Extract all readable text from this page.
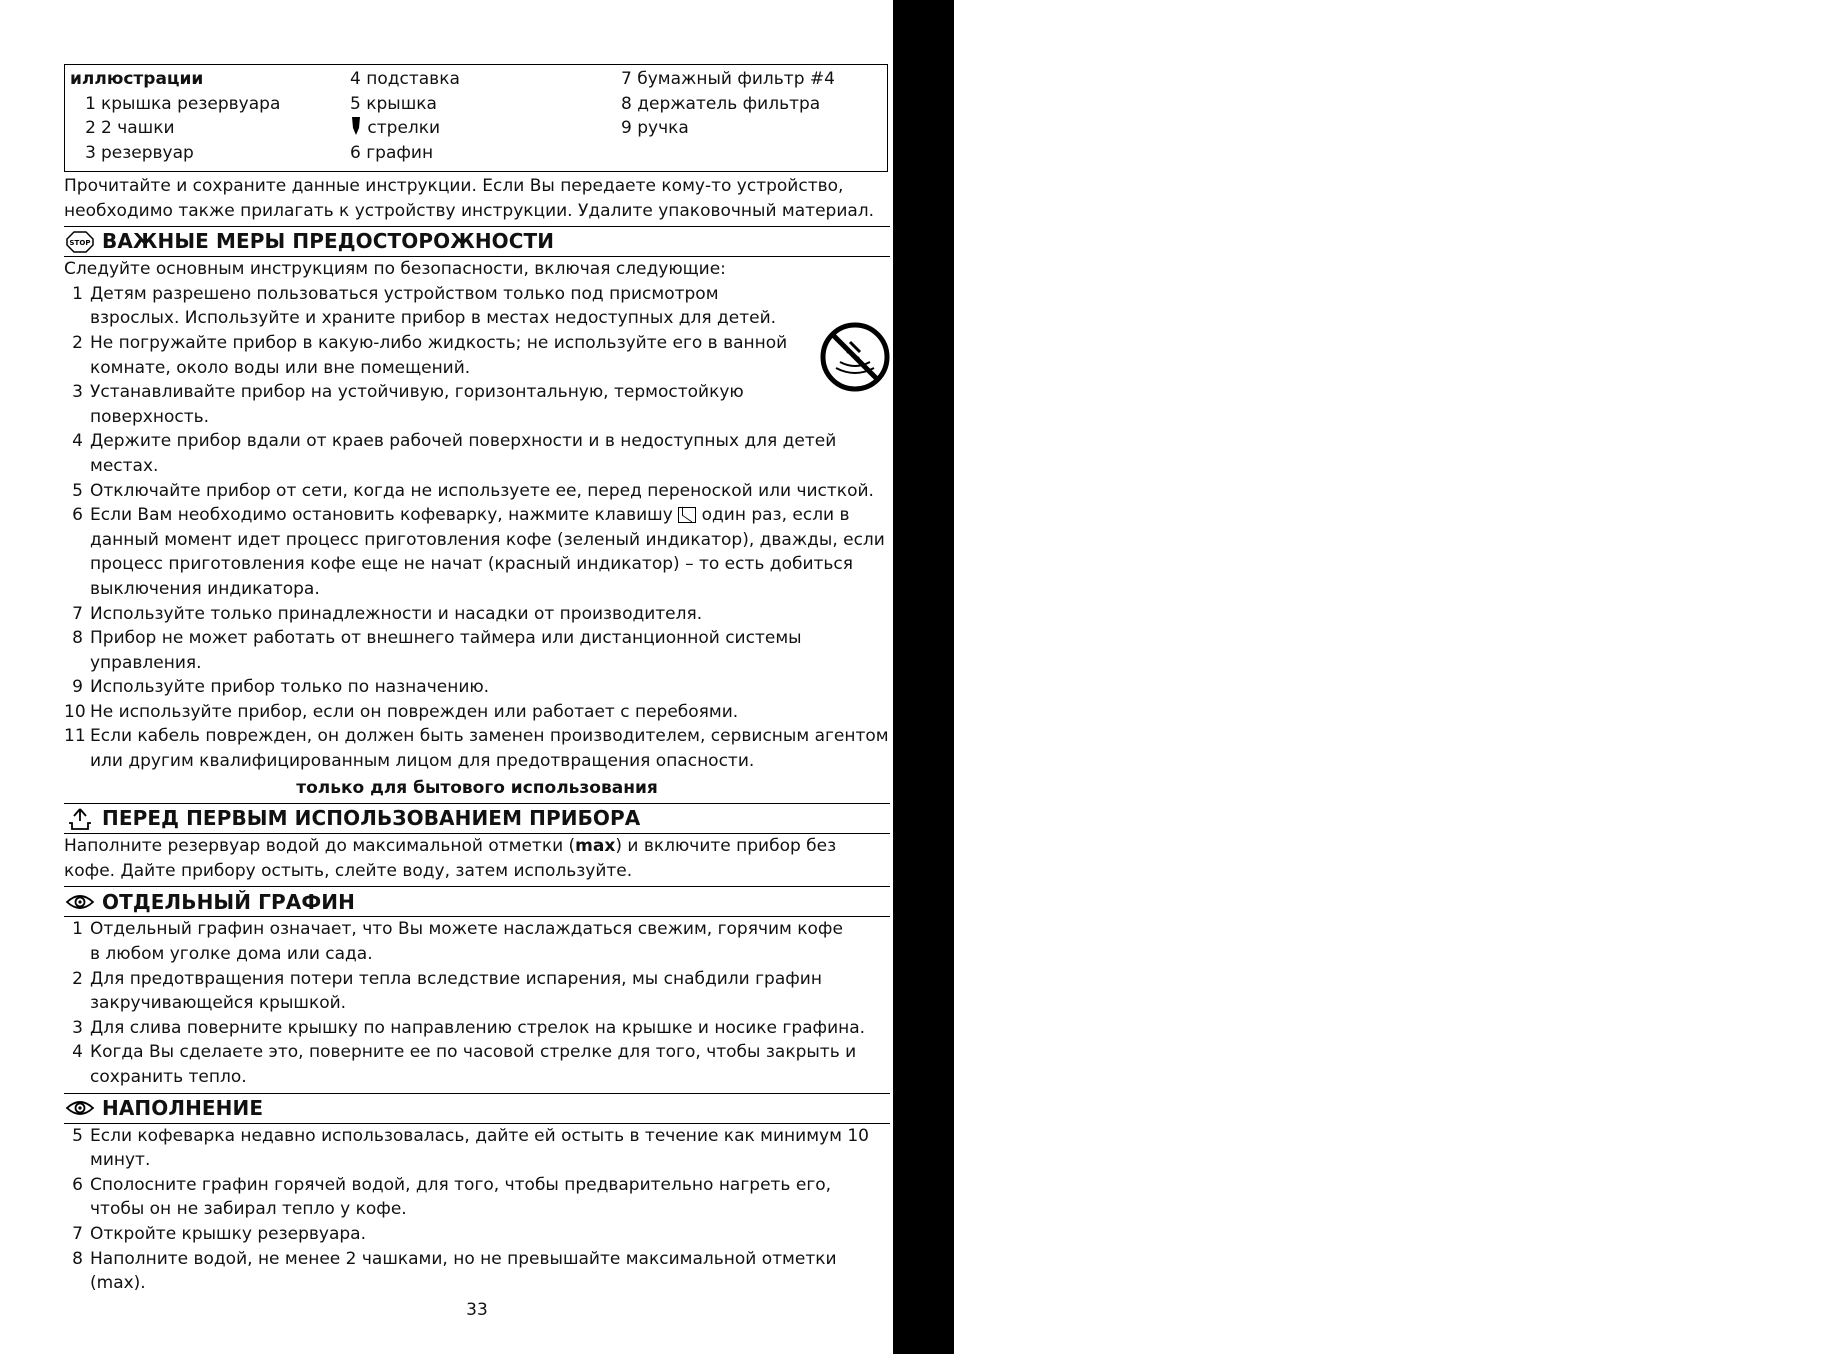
инструкции (Русский)
иллюстрации
1 крышка резервуара
2 2 чашки
3 резервуар
4 подставка
5 крышка
стрелки
6 графин
7 бумажный фильтр #4
8 держатель фильтра
9 ручка

Прочитайте и сохраните данные инструкции. Если Вы передаете кому-то устройство, необходимо также прилагать к устройству инструкции. Удалите упаковочный материал.

STOP ВАЖНЫЕ МЕРЫ ПРЕДОСТОРОЖНОСТИ

Следуйте основным инструкциям по безопасности, включая следующие:

1 Детям разрешено пользоваться устройством только под присмотром взрослых. Используйте и храните прибор в местах недоступных для детей.
2 Не погружайте прибор в какую-либо жидкость; не используйте его в ванной комнате, около воды или вне помещений.
3 Устанавливайте прибор на устойчивую, горизонтальную, термостойкую поверхность.
4 Держите прибор вдали от краев рабочей поверхности и в недоступных для детей местах.
5 Отключайте прибор от сети, когда не используете ее, перед переноской или чисткой.
6 Если Вам необходимо остановить кофеварку, нажмите клавишу один раз, если в данный момент идет процесс приготовления кофе (зеленый индикатор), дважды, если процесс приготовления кофе еще не начат (красный индикатор) – то есть добиться выключения индикатора.
7 Используйте только принадлежности и насадки от производителя.
8 Прибор не может работать от внешнего таймера или дистанционной системы управления.
9 Используйте прибор только по назначению.
10 Не используйте прибор, если он поврежден или работает с перебоями.
11 Если кабель поврежден, он должен быть заменен производителем, сервисным агентом или другим квалифицированным лицом для предотвращения опасности.
только для бытового использования
ПЕРЕД ПЕРВЫМ ИСПОЛЬЗОВАНИЕМ ПРИБОРА

Наполните резервуар водой до максимальной отметки (max) и включите прибор без кофе. Дайте прибору остыть, слейте воду, затем используйте.

ОТДЕЛЬНЫЙ ГРАФИН
1 Отдельный графин означает, что Вы можете наслаждаться свежим, горячим кофе в любом уголке дома или сада.
2 Для предотвращения потери тепла вследствие испарения, мы снабдили графин закручивающейся крышкой.
3 Для слива поверните крышку по направлению стрелок на крышке и носике графина.
4 Когда Вы сделаете это, поверните ее по часовой стрелке для того, чтобы закрыть и сохранить тепло.
НАПОЛНЕНИЕ
5 Если кофеварка недавно использовалась, дайте ей остыть в течение как минимум 10 минут.
6 Сполосните графин горячей водой, для того, чтобы предварительно нагреть его, чтобы он не забирал тепло у кофе.
7 Откройте крышку резервуара.
8 Наполните водой, не менее 2 чашками, но не превышайте максимальной отметки (max).
33
